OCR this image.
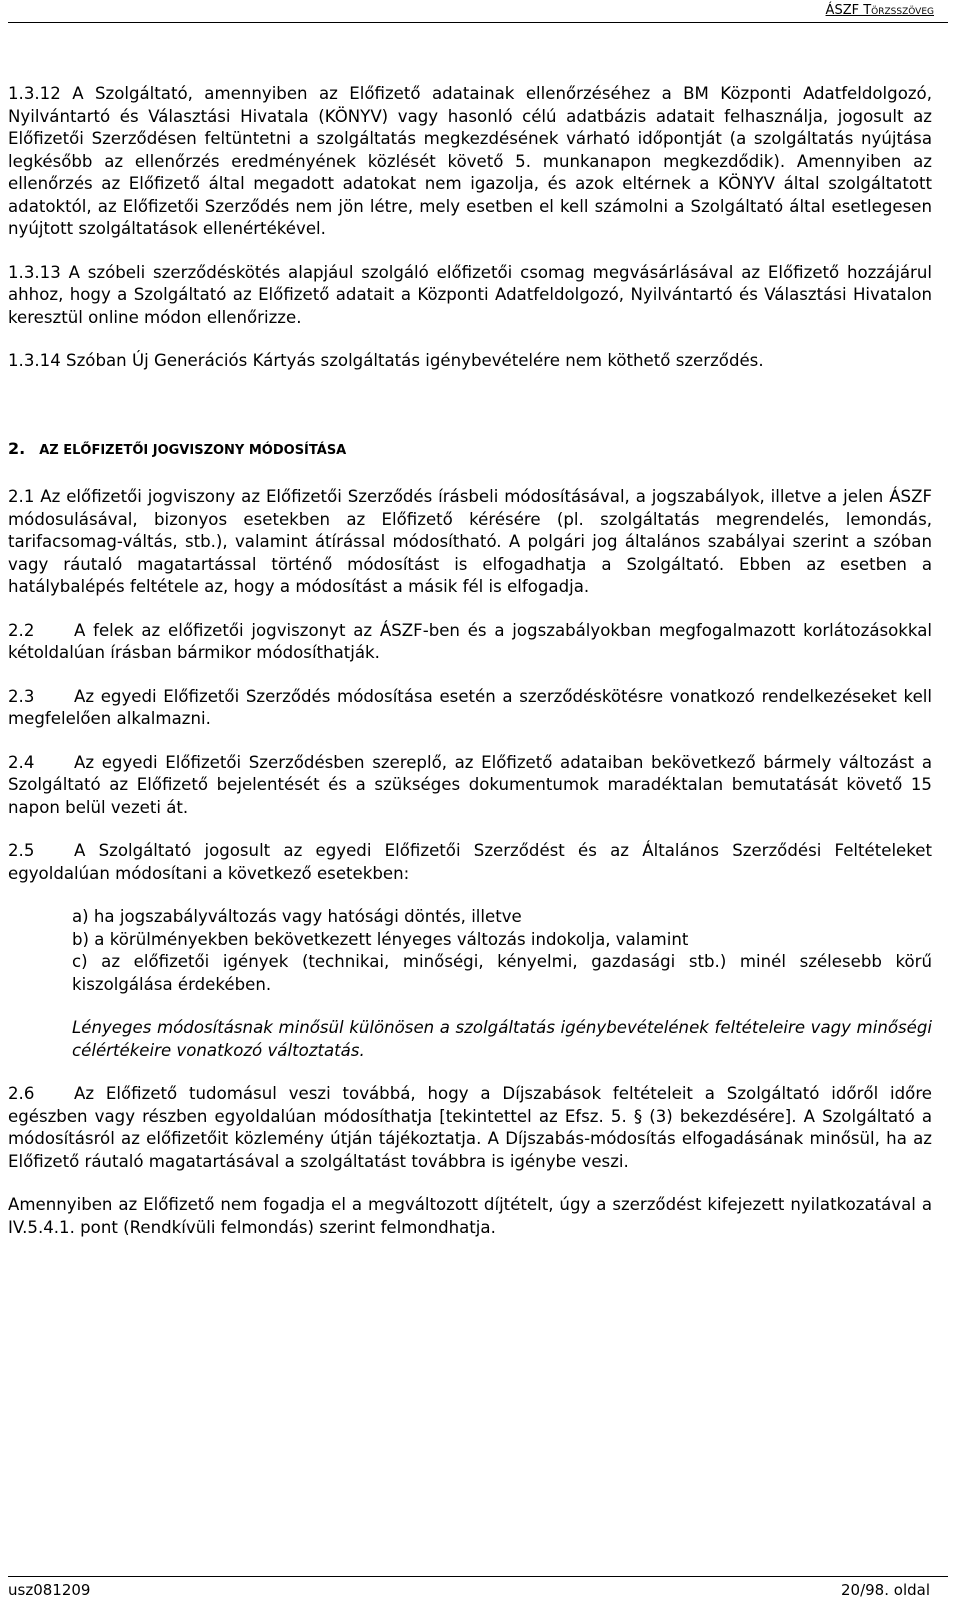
ÁSZF Törzsszöveg

1.3.12 A Szolgáltató, amennyiben az Előfizető adatainak ellenőrzéséhez a BM Központi Adatfeldolgozó, Nyilvántartó és Választási Hivatala (KÖNYV) vagy hasonló célú adatbázis adatait felhasználja, jogosult az Előfizetői Szerződésen feltüntetni a szolgáltatás megkezdésének várható időpontját (a szolgáltatás nyújtása legkésőbb az ellenőrzés eredményének közlését követő 5. munkanapon megkezdődik). Amennyiben az ellenőrzés az Előfizető által megadott adatokat nem igazolja, és azok eltérnek a KÖNYV által szolgáltatott adatoktól, az Előfizetői Szerződés nem jön létre, mely esetben el kell számolni a Szolgáltató által esetlegesen nyújtott szolgáltatások ellenértékével.

1.3.13 A szóbeli szerződéskötés alapjául szolgáló előfizetői csomag megvásárlásával az Előfizető hozzájárul ahhoz, hogy a Szolgáltató az Előfizető adatait a Központi Adatfeldolgozó, Nyilvántartó és Választási Hivatalon keresztül online módon ellenőrizze.

1.3.14 Szóban Új Generációs Kártyás szolgáltatás igénybevételére nem köthető szerződés.

2. AZ ELŐFIZETŐI JOGVISZONY MÓDOSÍTÁSA

2.1 Az előfizetői jogviszony az Előfizetői Szerződés írásbeli módosításával, a jogszabályok, illetve a jelen ÁSZF módosulásával, bizonyos esetekben az Előfizető kérésére (pl. szolgáltatás megrendelés, lemondás, tarifacsomag-váltás, stb.), valamint átírással módosítható. A polgári jog általános szabályai szerint a szóban vagy ráutaló magatartással történő módosítást is elfogadhatja a Szolgáltató. Ebben az esetben a hatálybalépés feltétele az, hogy a módosítást a másik fél is elfogadja.

2.2 A felek az előfizetői jogviszonyt az ÁSZF-ben és a jogszabályokban megfogalmazott korlátozásokkal kétoldalúan írásban bármikor módosíthatják.

2.3 Az egyedi Előfizetői Szerződés módosítása esetén a szerződéskötésre vonatkozó rendelkezéseket kell megfelelően alkalmazni.

2.4 Az egyedi Előfizetői Szerződésben szereplő, az Előfizető adataiban bekövetkező bármely változást a Szolgáltató az Előfizető bejelentését és a szükséges dokumentumok maradéktalan bemutatását követő 15 napon belül vezeti át.

2.5 A Szolgáltató jogosult az egyedi Előfizetői Szerződést és az Általános Szerződési Feltételeket egyoldalúan módosítani a következő esetekben:

a) ha jogszabályváltozás vagy hatósági döntés, illetve

b) a körülményekben bekövetkezett lényeges változás indokolja, valamint

c) az előfizetői igények (technikai, minőségi, kényelmi, gazdasági stb.) minél szélesebb körű kiszolgálása érdekében.

Lényeges módosításnak minősül különösen a szolgáltatás igénybevételének feltételeire vagy minőségi célértékeire vonatkozó változtatás.

2.6 Az Előfizető tudomásul veszi továbbá, hogy a Díjszabások feltételeit a Szolgáltató időről időre egészben vagy részben egyoldalúan módosíthatja [tekintettel az Efsz. 5. § (3) bekezdésére]. A Szolgáltató a módosításról az előfizetőit közlemény útján tájékoztatja. A Díjszabás-módosítás elfogadásának minősül, ha az Előfizető ráutaló magatartásával a szolgáltatást továbbra is igénybe veszi.

Amennyiben az Előfizető nem fogadja el a megváltozott díjtételt, úgy a szerződést kifejezett nyilatkozatával a IV.5.4.1. pont (Rendkívüli felmondás) szerint felmondhatja.

usz081209	20/98. oldal
